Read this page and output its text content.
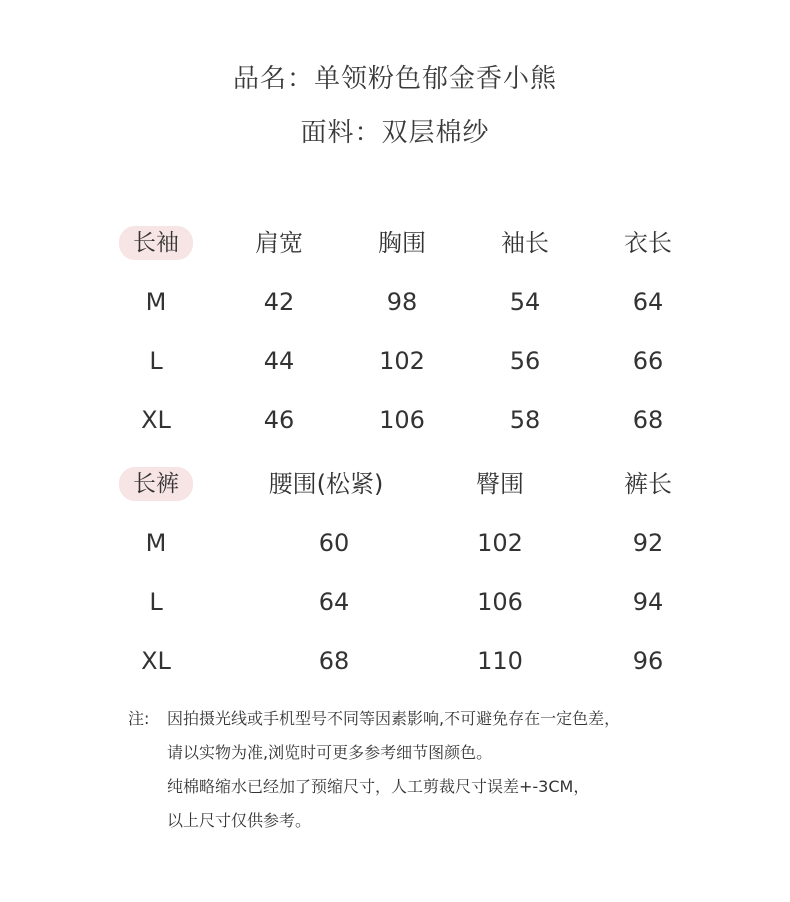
品名：单领粉色郁金香小熊
面料：双层棉纱
长袖	肩宽	胸围	袖长	衣长
M	42	98	54	64
L	44	102	56	66
XL	46	106	58	68
长裤	腰围(松紧)	臀围	裤长
M	60	102	92
L	64	106	94
XL	68	110	96
注: 因拍摄光线或手机型号不同等因素影响,不可避免存在一定色差，
请以实物为准,浏览时可更多参考细节图颜色。
纯棉略缩水已经加了预缩尺寸，人工剪裁尺寸误差+-3CM，
以上尺寸仅供参考。
